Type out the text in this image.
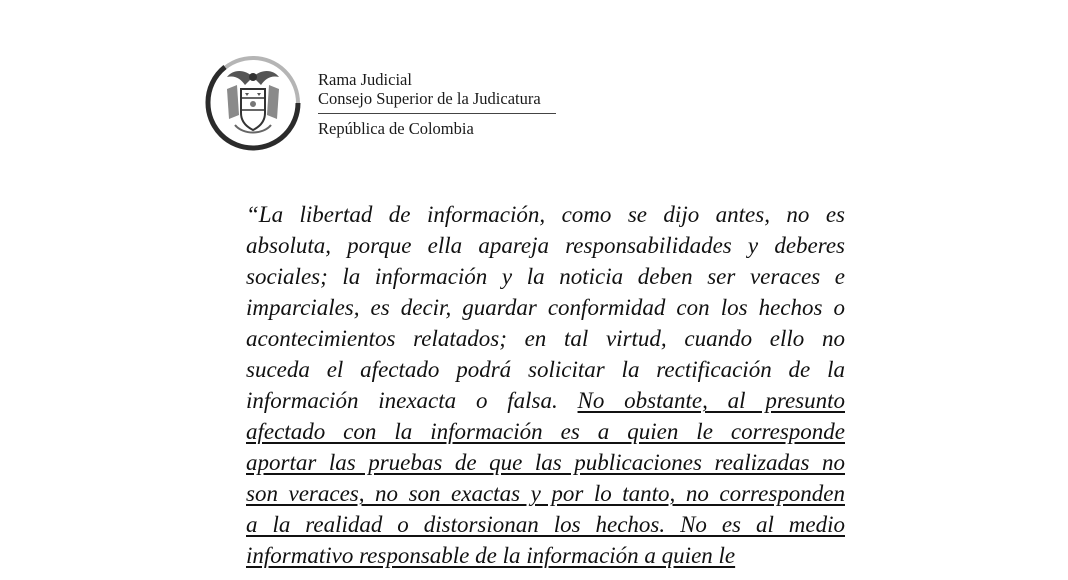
Rama Judicial
Consejo Superior de la Judicatura
República de Colombia
“La libertad de información, como se dijo antes, no es
absoluta, porque ella apareja responsabilidades y deberes
sociales; la información y la noticia deben ser veraces e
imparciales, es decir, guardar conformidad con los hechos o
acontecimientos relatados; en tal virtud, cuando ello no
suceda el afectado podrá solicitar la rectificación de la
información inexacta o falsa. No obstante, al presunto
afectado con la información es a quien le corresponde
aportar las pruebas de que las publicaciones realizadas no
son veraces, no son exactas y por lo tanto, no corresponden
a la realidad o distorsionan los hechos. No es al medio
informativo responsable de la información a quien le
